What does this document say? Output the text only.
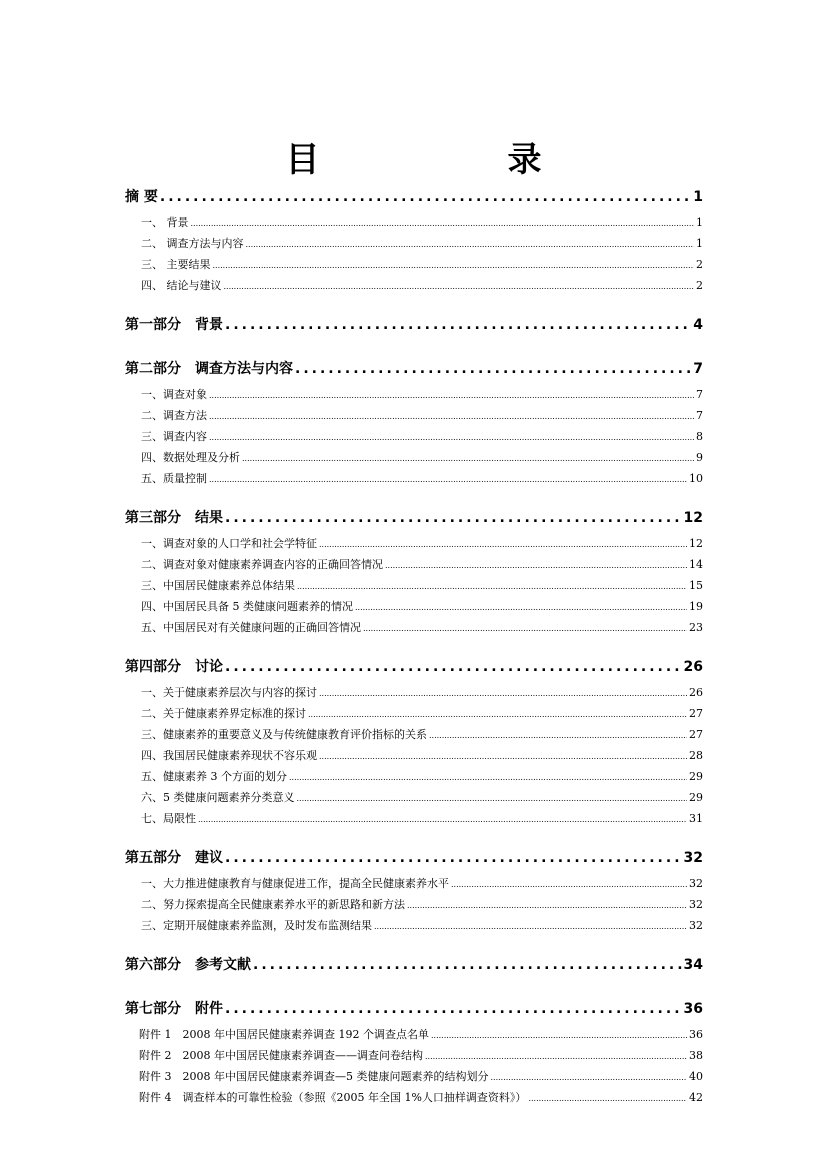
目　　录
摘 要 .....	1
一、 背景 .....	1
二、 调查方法与内容 .....	1
三、 主要结果 .....	2
四、 结论与建议 .....	2
第一部分　背景 .....	4
第二部分　调查方法与内容 .....	7
一、调查对象 .....	7
二、调查方法 .....	7
三、调查内容 .....	8
四、数据处理及分析 .....	9
五、质量控制 .....	10
第三部分　结果 .....	12
一、调查对象的人口学和社会学特征 .....	12
二、调查对象对健康素养调查内容的正确回答情况 .....	14
三、中国居民健康素养总体结果 .....	15
四、中国居民具备 5 类健康问题素养的情况 .....	19
五、中国居民对有关健康问题的正确回答情况 .....	23
第四部分　讨论 .....	26
一、关于健康素养层次与内容的探讨 .....	26
二、关于健康素养界定标准的探讨 .....	27
三、健康素养的重要意义及与传统健康教育评价指标的关系 .....	27
四、我国居民健康素养现状不容乐观 .....	28
五、健康素养 3 个方面的划分 .....	29
六、5 类健康问题素养分类意义 .....	29
七、局限性 .....	31
第五部分　建议 .....	32
一、大力推进健康教育与健康促进工作，提高全民健康素养水平 .....	32
二、努力探索提高全民健康素养水平的新思路和新方法 .....	32
三、定期开展健康素养监测，及时发布监测结果 .....	32
第六部分　参考文献 .....	34
第七部分　附件 .....	36
附件 1　2008 年中国居民健康素养调查 192 个调查点名单 .....	36
附件 2　2008 年中国居民健康素养调查——调查问卷结构 .....	38
附件 3　2008 年中国居民健康素养调查—5 类健康问题素养的结构划分 .....	40
附件 4　调查样本的可靠性检验（参照《2005 年全国 1%人口抽样调查资料》） .....	42
